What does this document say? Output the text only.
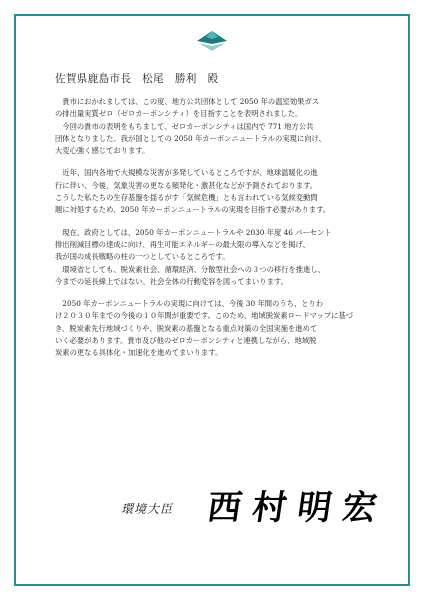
佐賀県鹿島市長　松尾　勝利　殿
　貴市におかれましては、この度、地方公共団体として 2050 年の温室効果ガス
の排出量実質ゼロ（ゼロカーボンシティ）を目指すことを表明されました。
　今回の貴市の表明をもちまして、ゼロカーボンシティは国内で 771 地方公共
団体となりました。我が国としての 2050 年カーボンニュートラルの実現に向け、
大変心強く感じております。
　近年、国内各地で大規模な災害が多発しているところですが、地球温暖化の進
行に伴い、今後、気象災害の更なる頻発化・激甚化などが予測されております。
こうした私たちの生存基盤を揺るがす「気候危機」とも言われている気候変動問
題に対処するため、2050 年カーボンニュートラルの実現を目指す必要があります。
　現在、政府としては、2050 年カーボンニュートラルや 2030 年度 46 パーセント
排出削減目標の達成に向け、再生可能エネルギーの最大限の導入などを掲げ、
我が国の成長戦略の柱の一つとしているところです。
　環境省としても、脱炭素社会、循環経済、分散型社会への３つの移行を推進し、
今までの延長線上ではない、社会全体の行動変容を図ってまいります。
　2050 年カーボンニュートラルの実現に向けては、今後 30 年間のうち、とりわ
け２０３０年までの今後の１０年間が重要です。このため、地域脱炭素ロードマップに基づ
き、脱炭素先行地域づくりや、脱炭素の基盤となる重点対策の全国実施を進めて
いく必要があります。貴市及び他のゼロカーボンシティと連携しながら、地域脱
炭素の更なる具体化・加速化を進めてまいります。
環境大臣 西村明宏
